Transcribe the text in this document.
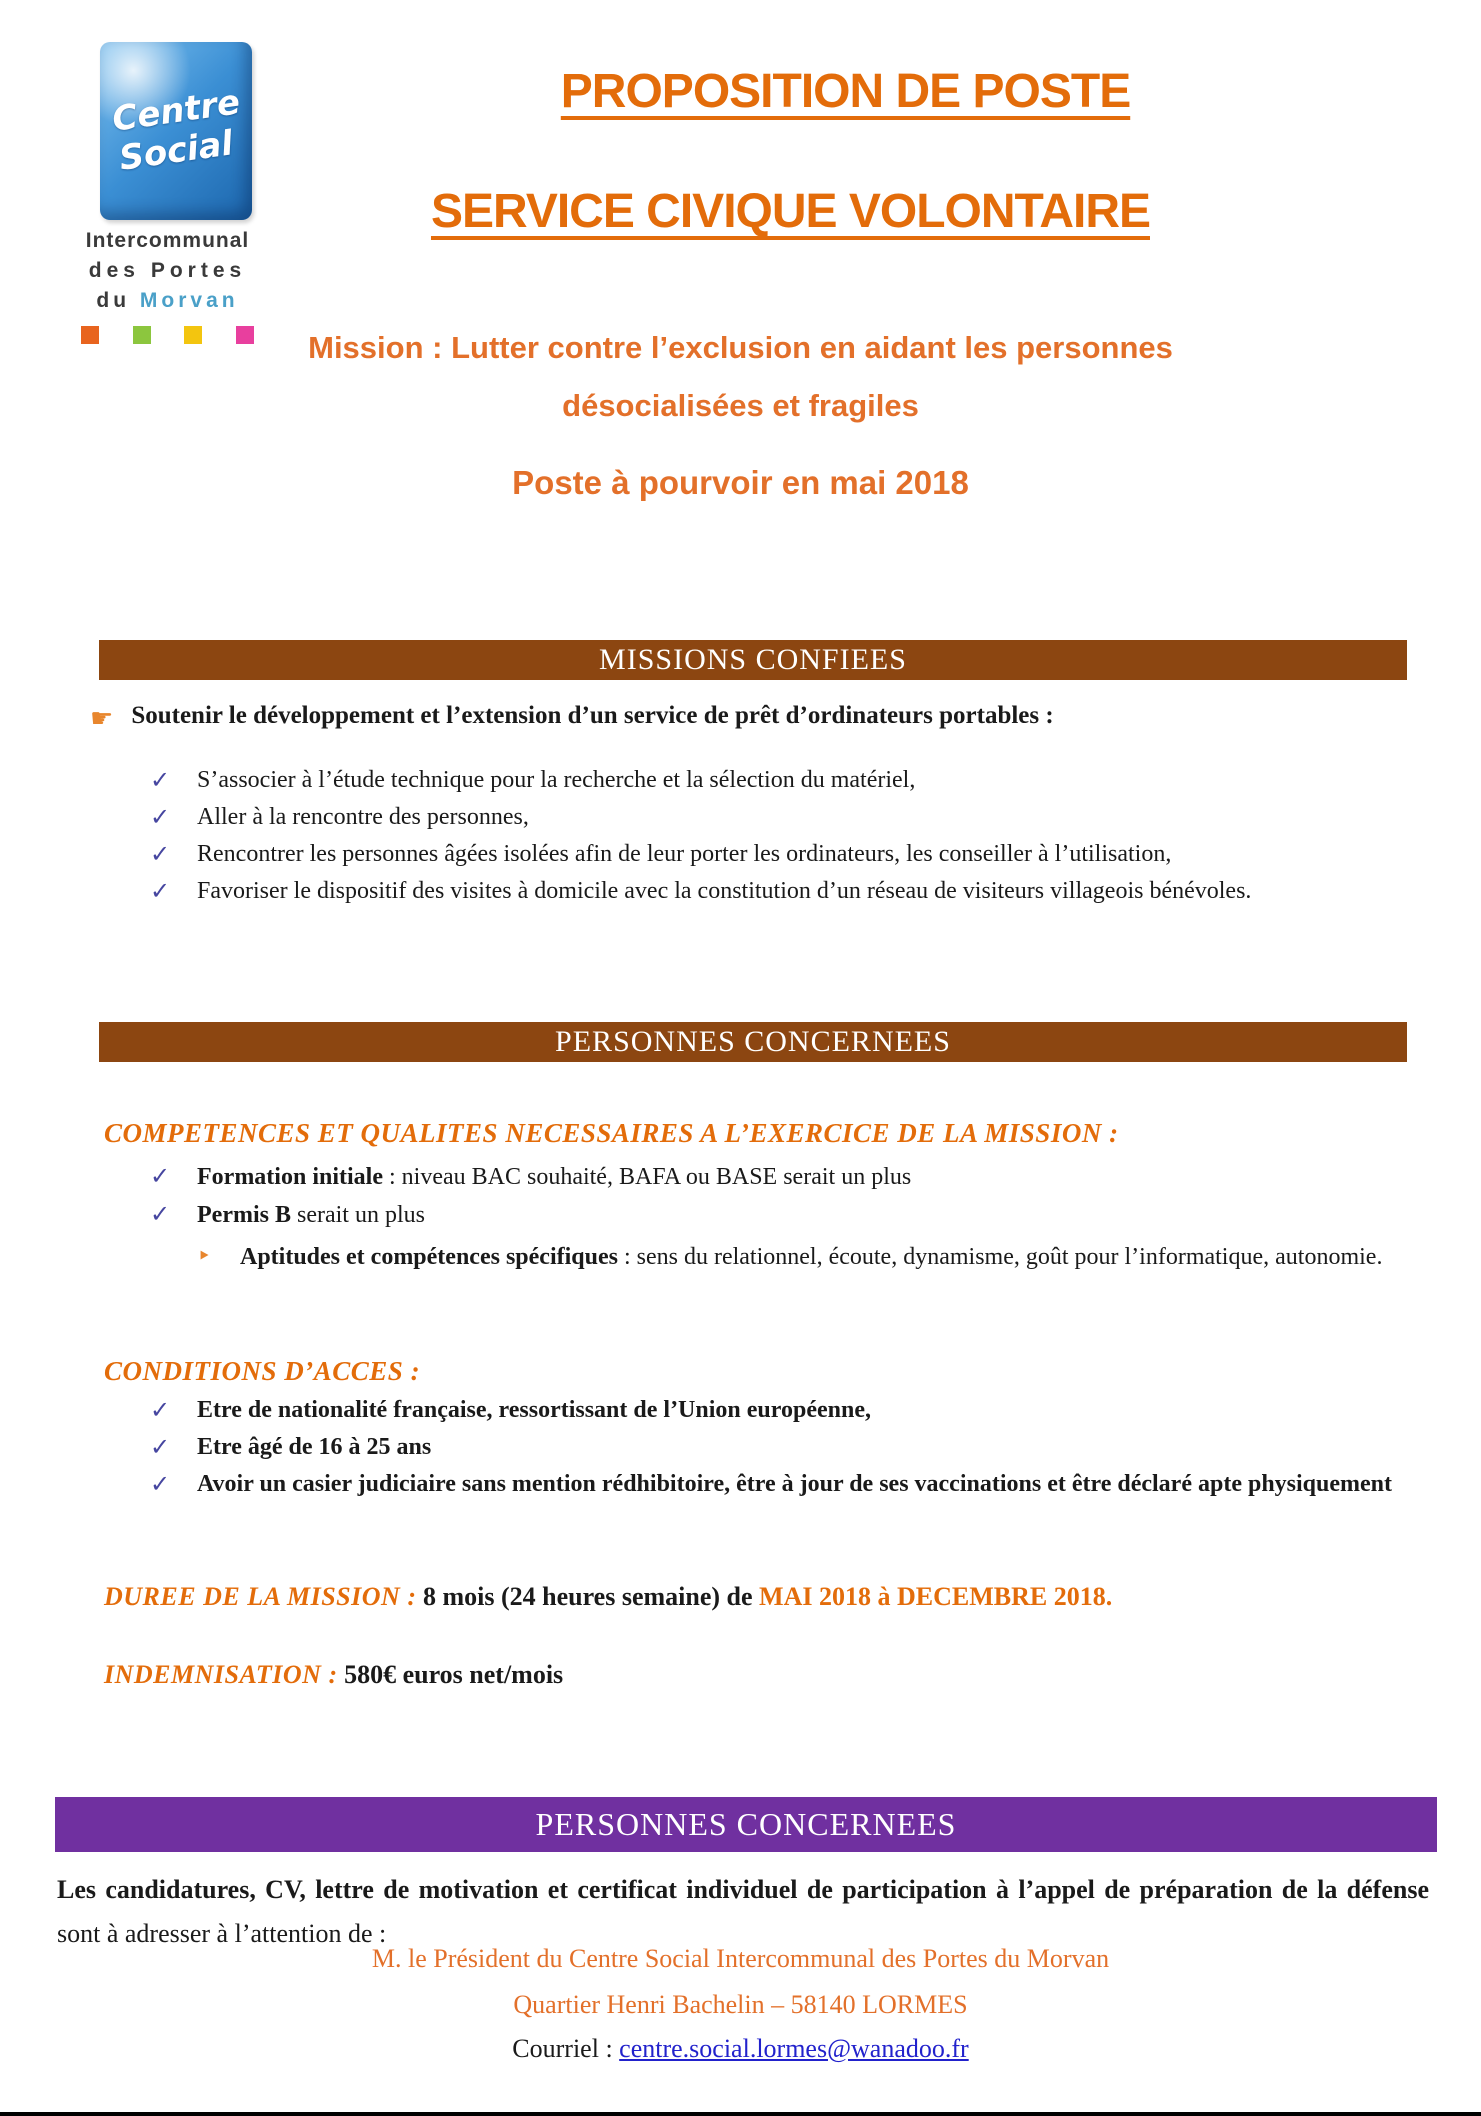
Centre
Social
Intercommunal
des Portes
du Morvan
PROPOSITION DE POSTE
SERVICE CIVIQUE VOLONTAIRE
Mission : Lutter contre l’exclusion en aidant les personnes
désocialisées et fragiles
Poste à pourvoir en mai 2018
MISSIONS CONFIEES
☛ Soutenir le développement et l’extension d’un service de prêt d’ordinateurs portables :
✓	S’associer à l’étude technique pour la recherche et la sélection du matériel,
✓	Aller à la rencontre des personnes,
✓	Rencontrer les personnes âgées isolées afin de leur porter les ordinateurs, les conseiller à l’utilisation,
✓	Favoriser le dispositif des visites à domicile avec la constitution d’un réseau de visiteurs villageois bénévoles.
PERSONNES CONCERNEES
COMPETENCES ET QUALITES NECESSAIRES A L’EXERCICE DE LA MISSION :
✓	Formation initiale : niveau BAC souhaité, BAFA ou BASE serait un plus
✓	Permis B serait un plus
‣	Aptitudes et compétences spécifiques : sens du relationnel, écoute, dynamisme, goût pour l’informatique, autonomie.
CONDITIONS D’ACCES :
✓	Etre de nationalité française, ressortissant de l’Union européenne,
✓	Etre âgé de 16 à 25 ans
✓	Avoir un casier judiciaire sans mention rédhibitoire, être à jour de ses vaccinations et être déclaré apte physiquement
DUREE DE LA MISSION : 8 mois (24 heures semaine) de MAI 2018 à DECEMBRE 2018.
INDEMNISATION : 580€ euros net/mois
PERSONNES CONCERNEES
Les candidatures, CV, lettre de motivation et certificat individuel de participation à l’appel de préparation de la défense sont à adresser à l’attention de :
M. le Président du Centre Social Intercommunal des Portes du Morvan
Quartier Henri Bachelin – 58140 LORMES
Courriel : centre.social.lormes@wanadoo.fr
